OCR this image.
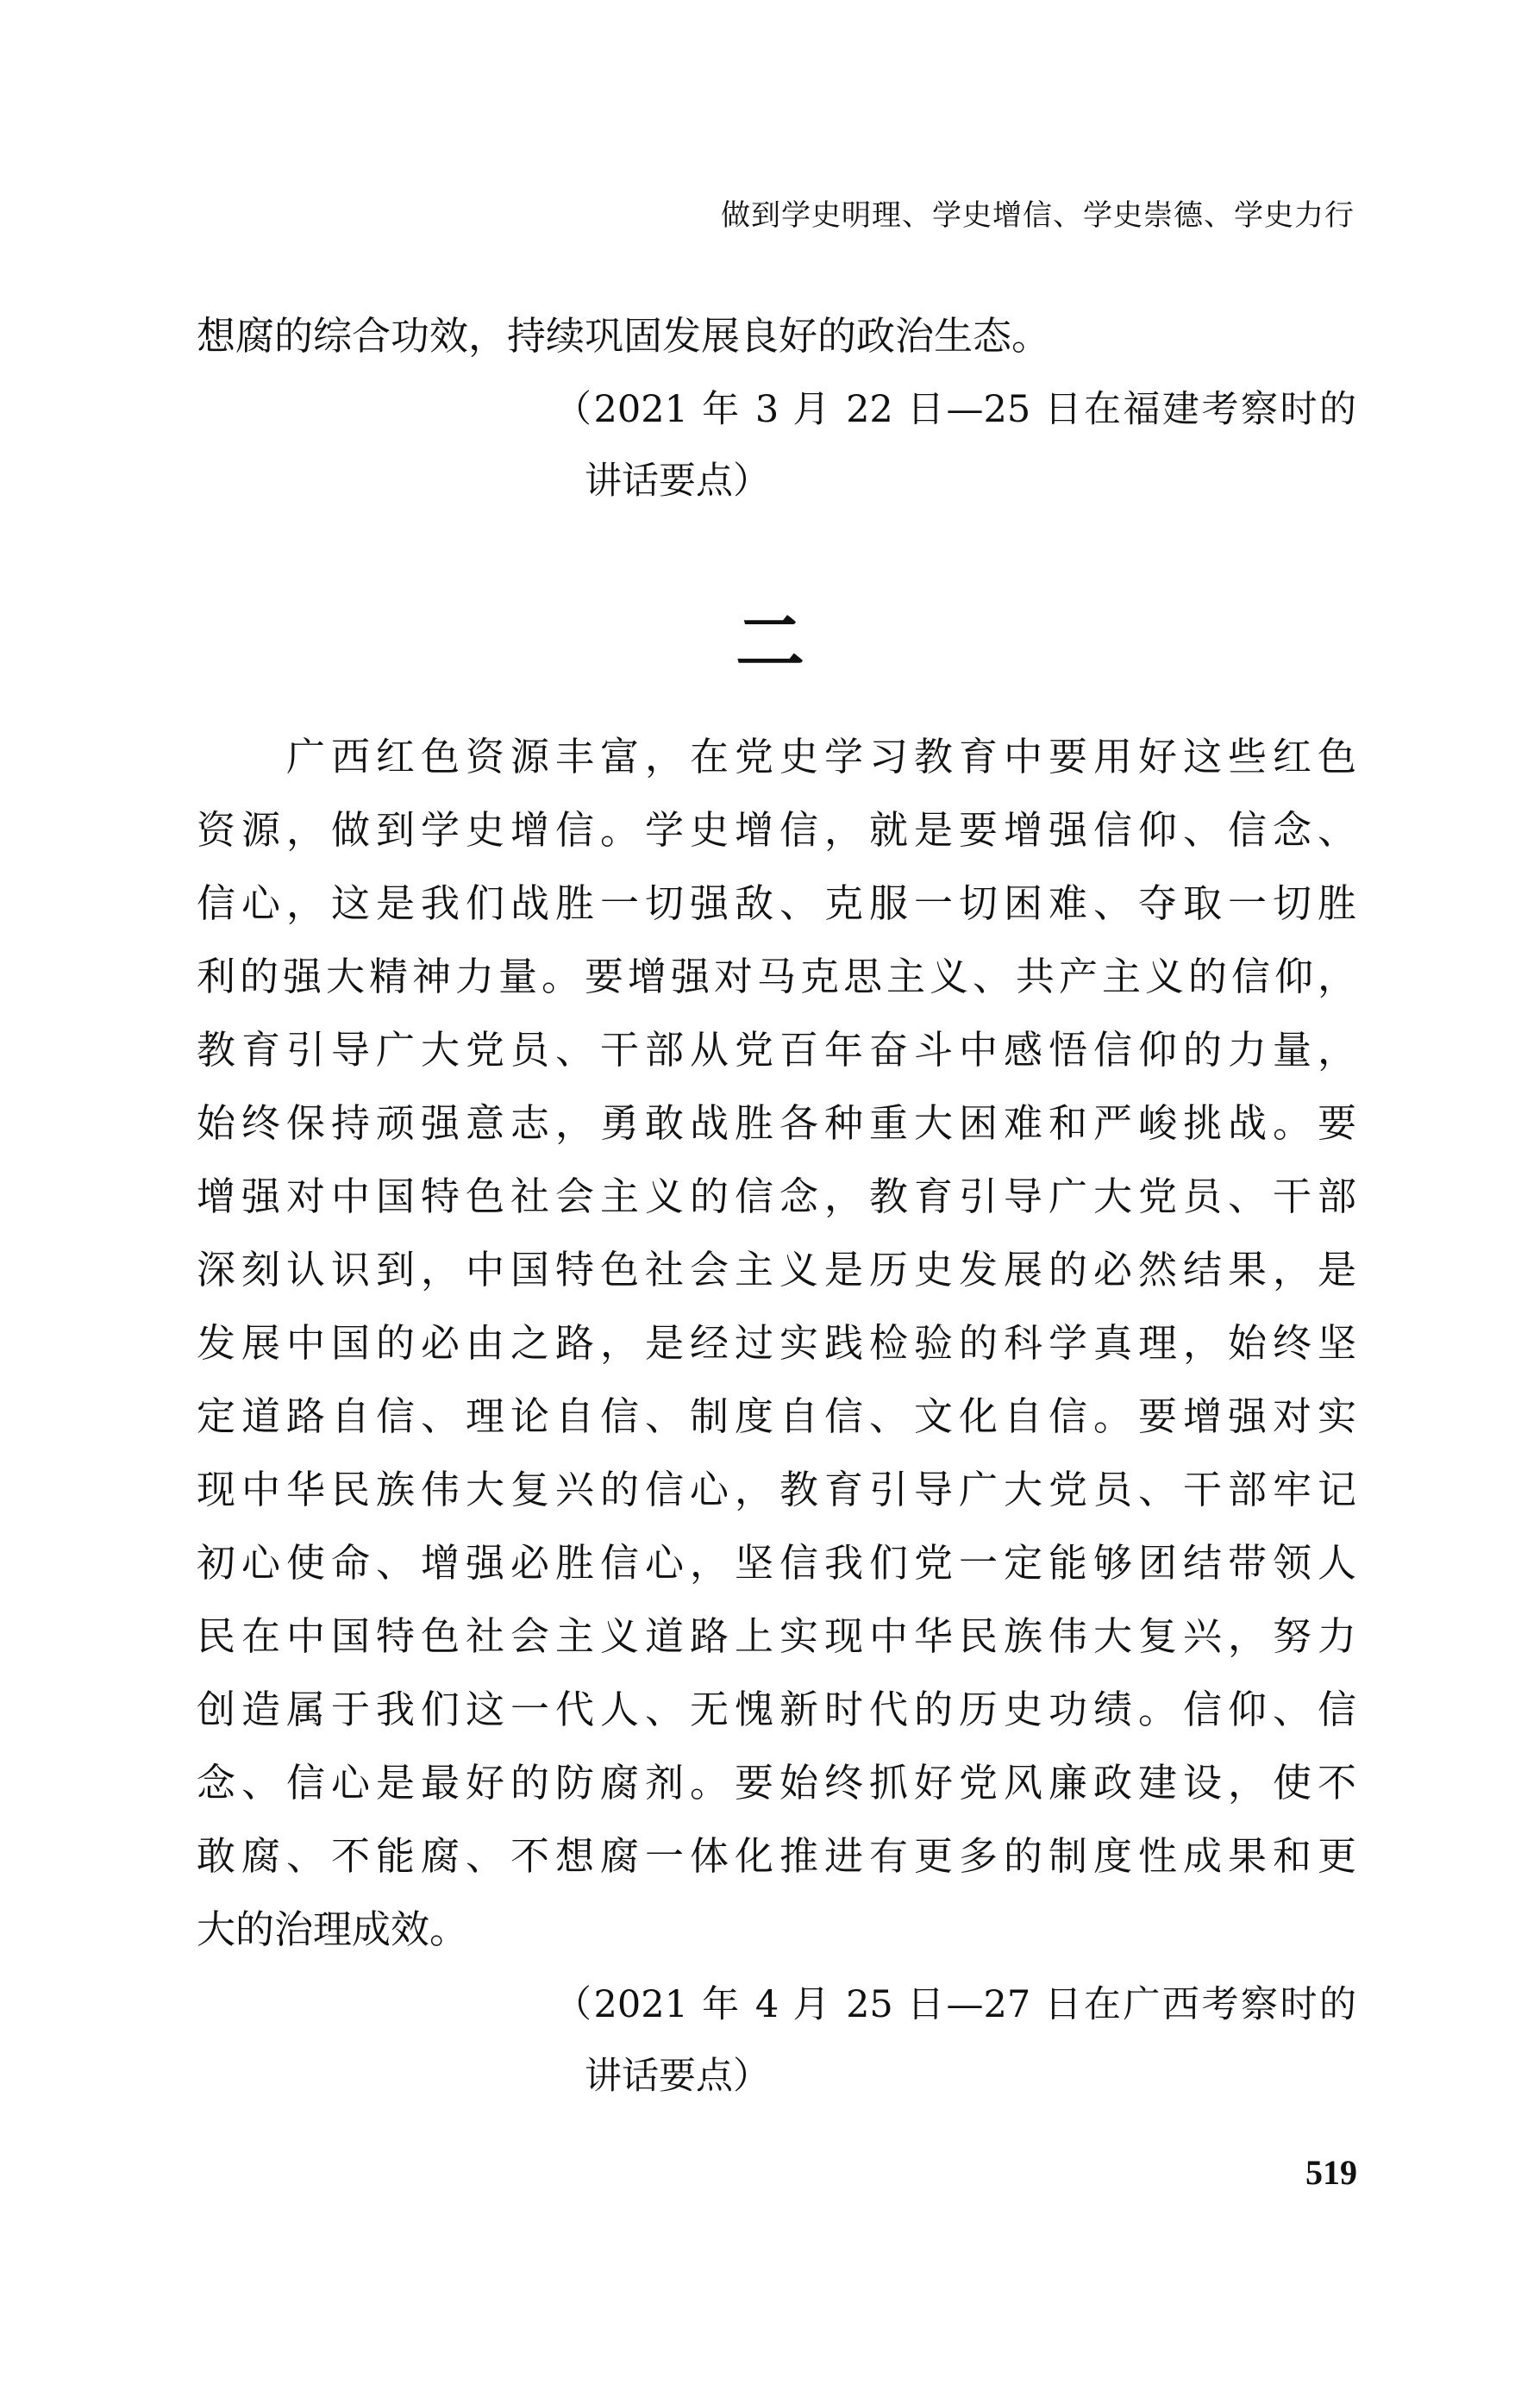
做到学史明理、学史增信、学史崇德、学史力行
想腐的综合功效，持续巩固发展良好的政治生态。
（2021 年 3 月 22 日—25 日在福建考察时的
讲话要点）
二
　　广西红色资源丰富，在党史学习教育中要用好这些红色
资源，做到学史增信。学史增信，就是要增强信仰、信念、
信心，这是我们战胜一切强敌、克服一切困难、夺取一切胜
利的强大精神力量。要增强对马克思主义、共产主义的信仰，
教育引导广大党员、干部从党百年奋斗中感悟信仰的力量，
始终保持顽强意志，勇敢战胜各种重大困难和严峻挑战。要
增强对中国特色社会主义的信念，教育引导广大党员、干部
深刻认识到，中国特色社会主义是历史发展的必然结果，是
发展中国的必由之路，是经过实践检验的科学真理，始终坚
定道路自信、理论自信、制度自信、文化自信。要增强对实
现中华民族伟大复兴的信心，教育引导广大党员、干部牢记
初心使命、增强必胜信心，坚信我们党一定能够团结带领人
民在中国特色社会主义道路上实现中华民族伟大复兴，努力
创造属于我们这一代人、无愧新时代的历史功绩。信仰、信
念、信心是最好的防腐剂。要始终抓好党风廉政建设，使不
敢腐、不能腐、不想腐一体化推进有更多的制度性成果和更
大的治理成效。
（2021 年 4 月 25 日—27 日在广西考察时的
讲话要点）
519
